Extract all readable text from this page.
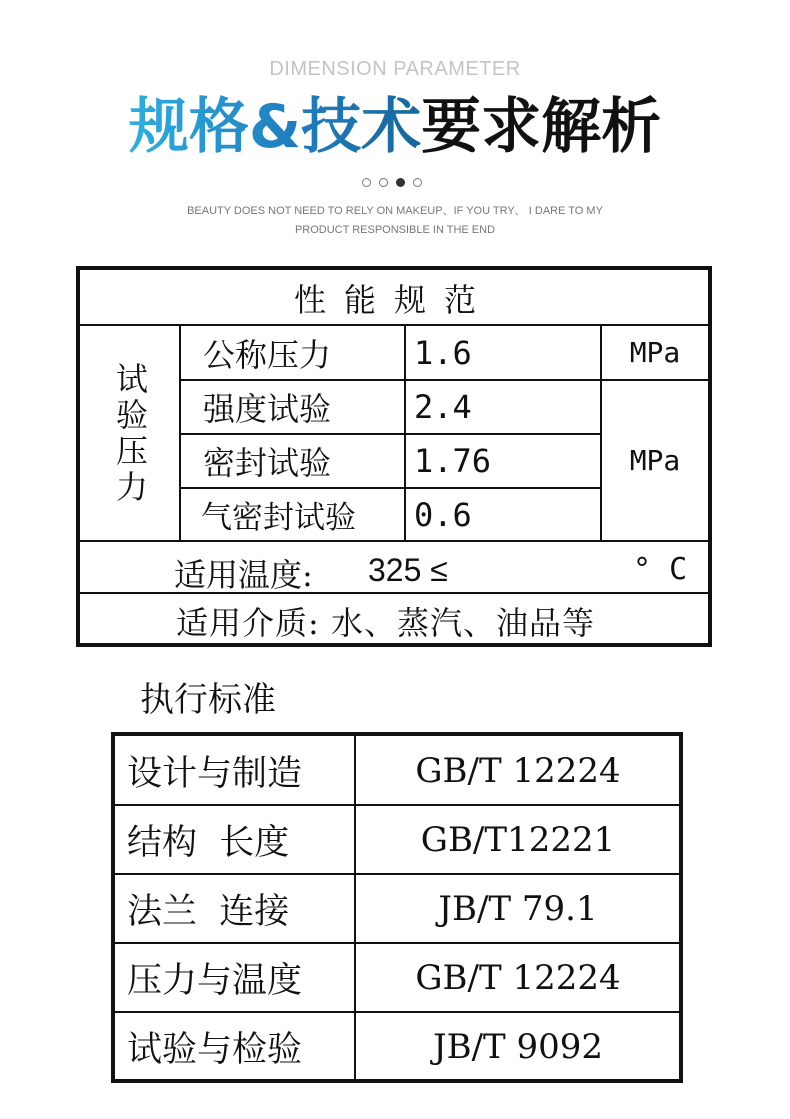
DIMENSION PARAMETER
规格&技术要求解析
BEAUTY DOES NOT NEED TO RELY ON MAKEUP、IF YOU TRY、 I DARE TO MY
PRODUCT RESPONSIBLE IN THE END
性能规范
试验压力
公称压力	1.6	MPa
强度试验	2.4
密封试验	1.76
气密封试验	0.6
MPa
适用温度: 325 ≤	° C
适用介质: 水、蒸汽、油品等
执行标准
设计与制造	GB/T 12224
结构  长度	GB/T12221
法兰  连接	JB/T 79.1
压力与温度	GB/T 12224
试验与检验	JB/T 9092
